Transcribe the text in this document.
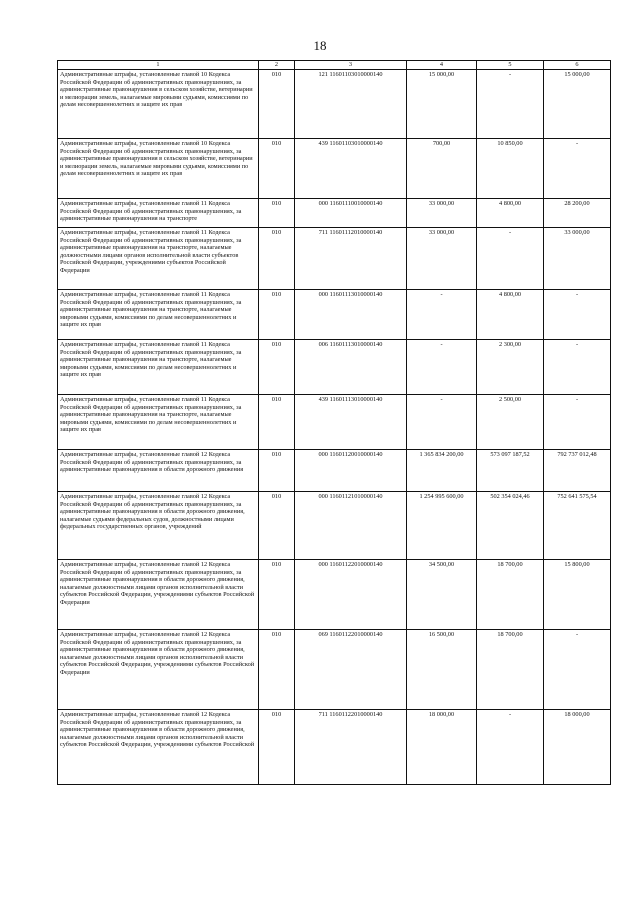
18
1	2	3	4	5	6
Административные штрафы, установленные главой 10 Кодекса Российской Федерации об административных правонарушениях, за административные правонарушения в сельском хозяйстве, ветеринарии и мелиорации земель, налагаемые мировыми судьями, комиссиями по делам несовершеннолетних и защите их прав	010	121 11601103010000140	15 000,00	-	15 000,00
Административные штрафы, установленные главой 10 Кодекса Российской Федерации об административных правонарушениях, за административные правонарушения в сельском хозяйстве, ветеринарии и мелиорации земель, налагаемые мировыми судьями, комиссиями по делам несовершеннолетних и защите их прав	010	439 11601103010000140	700,00	10 850,00	-
Административные штрафы, установленные главой 11 Кодекса Российской Федерации об административных правонарушениях, за административные правонарушения на транспорте	010	000 11601110010000140	33 000,00	4 800,00	28 200,00
Административные штрафы, установленные главой 11 Кодекса Российской Федерации об административных правонарушениях, за административные правонарушения на транспорте, налагаемые должностными лицами органов исполнительной власти субъектов Российской Федерации, учреждениями субъектов Российской Федерации	010	711 11601112010000140	33 000,00	-	33 000,00
Административные штрафы, установленные главой 11 Кодекса Российской Федерации об административных правонарушениях, за административные правонарушения на транспорте, налагаемые мировыми судьями, комиссиями по делам несовершеннолетних и защите их прав	010	000 11601113010000140	-	4 800,00	-
Административные штрафы, установленные главой 11 Кодекса Российской Федерации об административных правонарушениях, за административные правонарушения на транспорте, налагаемые мировыми судьями, комиссиями по делам несовершеннолетних и защите их прав	010	006 11601113010000140	-	2 300,00	-
Административные штрафы, установленные главой 11 Кодекса Российской Федерации об административных правонарушениях, за административные правонарушения на транспорте, налагаемые мировыми судьями, комиссиями по делам несовершеннолетних и защите их прав	010	439 11601113010000140	-	2 500,00	-
Административные штрафы, установленные главой 12 Кодекса Российской Федерации об административных правонарушениях, за административные правонарушения в области дорожного движения	010	000 11601120010000140	1 365 834 200,00	573 097 187,52	792 737 012,48
Административные штрафы, установленные главой 12 Кодекса Российской Федерации об административных правонарушениях, за административные правонарушения в области дорожного движения, налагаемые судьями федеральных судов, должностными лицами федеральных государственных органов, учреждений	010	000 11601121010000140	1 254 995 600,00	502 354 024,46	752 641 575,54
Административные штрафы, установленные главой 12 Кодекса Российской Федерации об административных правонарушениях, за административные правонарушения в области дорожного движения, налагаемые должностными лицами органов исполнительной власти субъектов Российской Федерации, учреждениями субъектов Российской Федерации	010	000 11601122010000140	34 500,00	18 700,00	15 800,00
Административные штрафы, установленные главой 12 Кодекса Российской Федерации об административных правонарушениях, за административные правонарушения в области дорожного движения, налагаемые должностными лицами органов исполнительной власти субъектов Российской Федерации, учреждениями субъектов Российской Федерации	010	069 11601122010000140	16 500,00	18 700,00	-
Административные штрафы, установленные главой 12 Кодекса Российской Федерации об административных правонарушениях, за административные правонарушения в области дорожного движения, налагаемые должностными лицами органов исполнительной власти субъектов Российской Федерации, учреждениями субъектов Российской	010	711 11601122010000140	18 000,00	-	18 000,00
